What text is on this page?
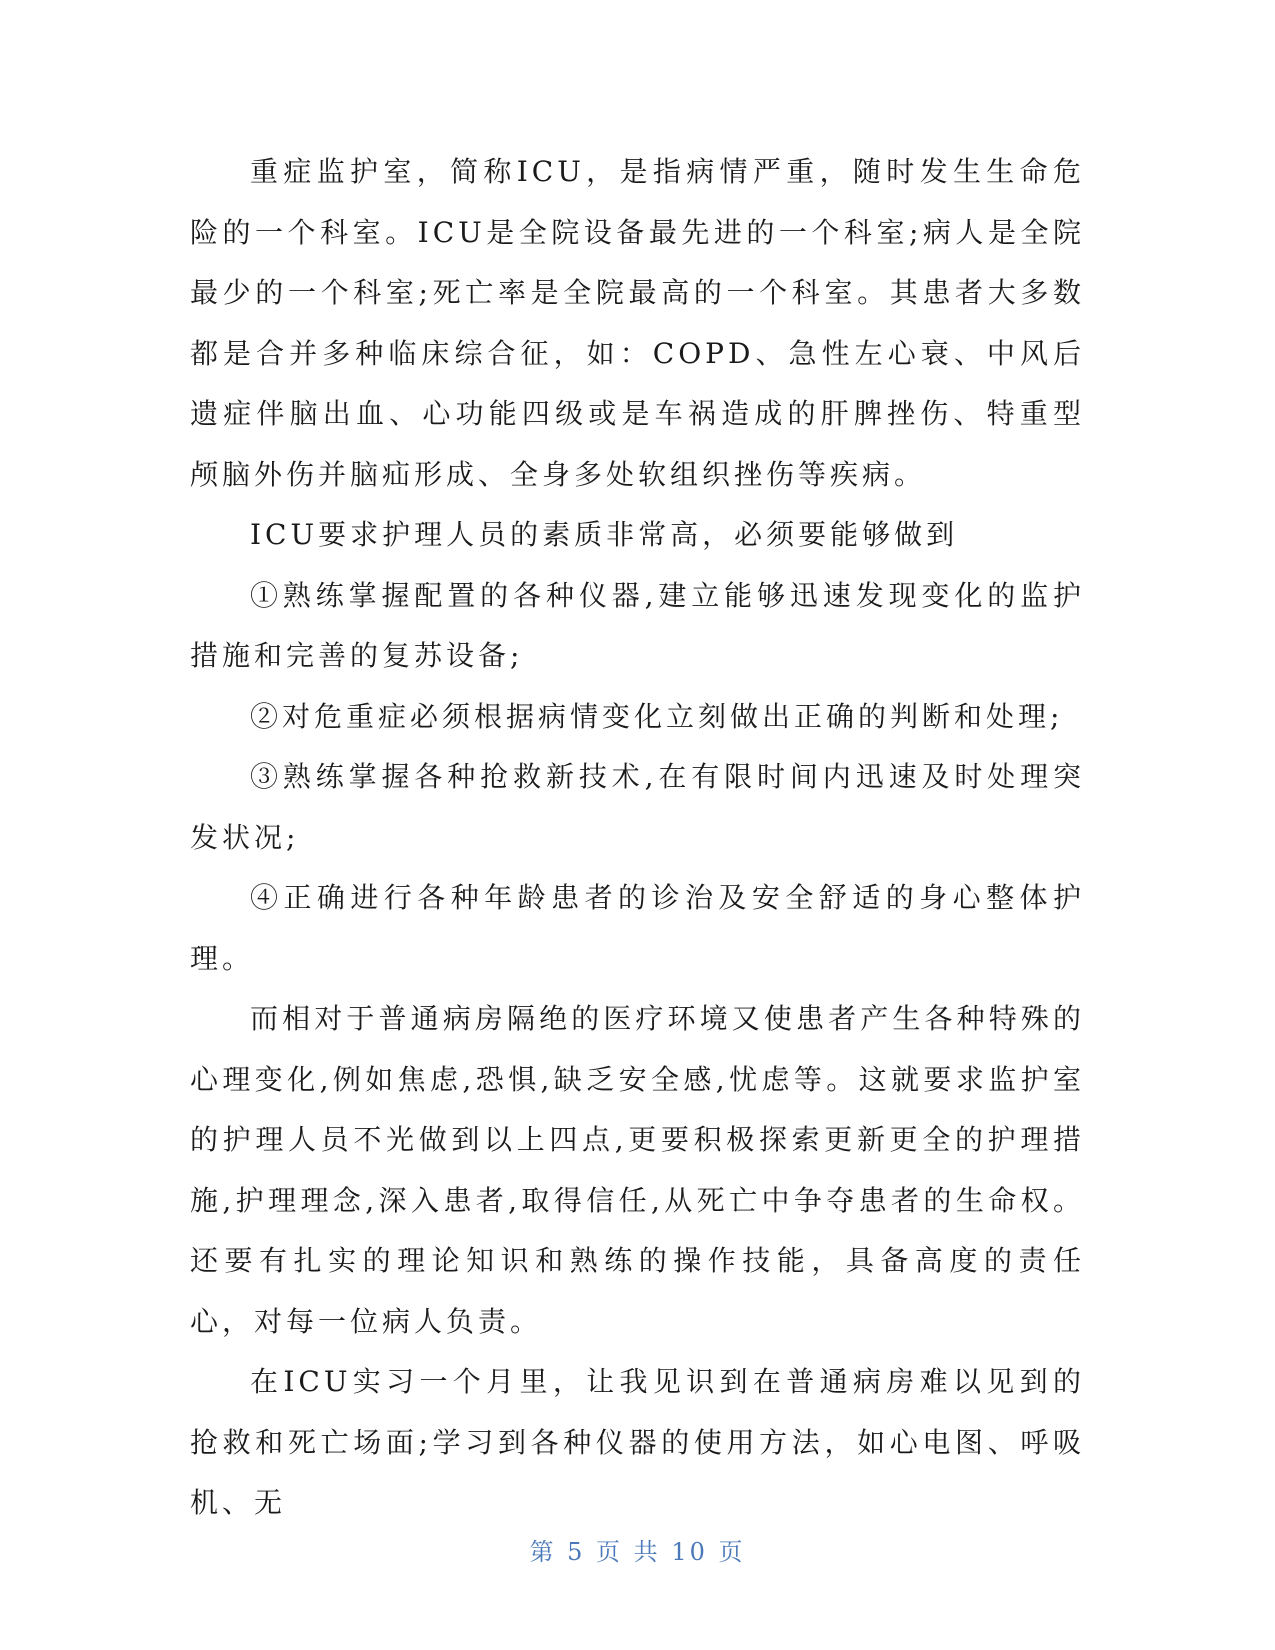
重症监护室，简称ICU，是指病情严重，随时发生生命危险的一个科室。ICU是全院设备最先进的一个科室;病人是全院最少的一个科室;死亡率是全院最高的一个科室。其患者大多数都是合并多种临床综合征，如：COPD、急性左心衰、中风后遗症伴脑出血、心功能四级或是车祸造成的肝脾挫伤、特重型颅脑外伤并脑疝形成、全身多处软组织挫伤等疾病。

ICU要求护理人员的素质非常高，必须要能够做到

①熟练掌握配置的各种仪器,建立能够迅速发现变化的监护措施和完善的复苏设备;

②对危重症必须根据病情变化立刻做出正确的判断和处理;

③熟练掌握各种抢救新技术,在有限时间内迅速及时处理突发状况;

④正确进行各种年龄患者的诊治及安全舒适的身心整体护理。

而相对于普通病房隔绝的医疗环境又使患者产生各种特殊的心理变化,例如焦虑,恐惧,缺乏安全感,忧虑等。这就要求监护室的护理人员不光做到以上四点,更要积极探索更新更全的护理措施,护理理念,深入患者,取得信任,从死亡中争夺患者的生命权。还要有扎实的理论知识和熟练的操作技能，具备高度的责任心，对每一位病人负责。

在ICU实习一个月里，让我见识到在普通病房难以见到的抢救和死亡场面;学习到各种仪器的使用方法，如心电图、呼吸机、无

第 5 页 共 10 页
